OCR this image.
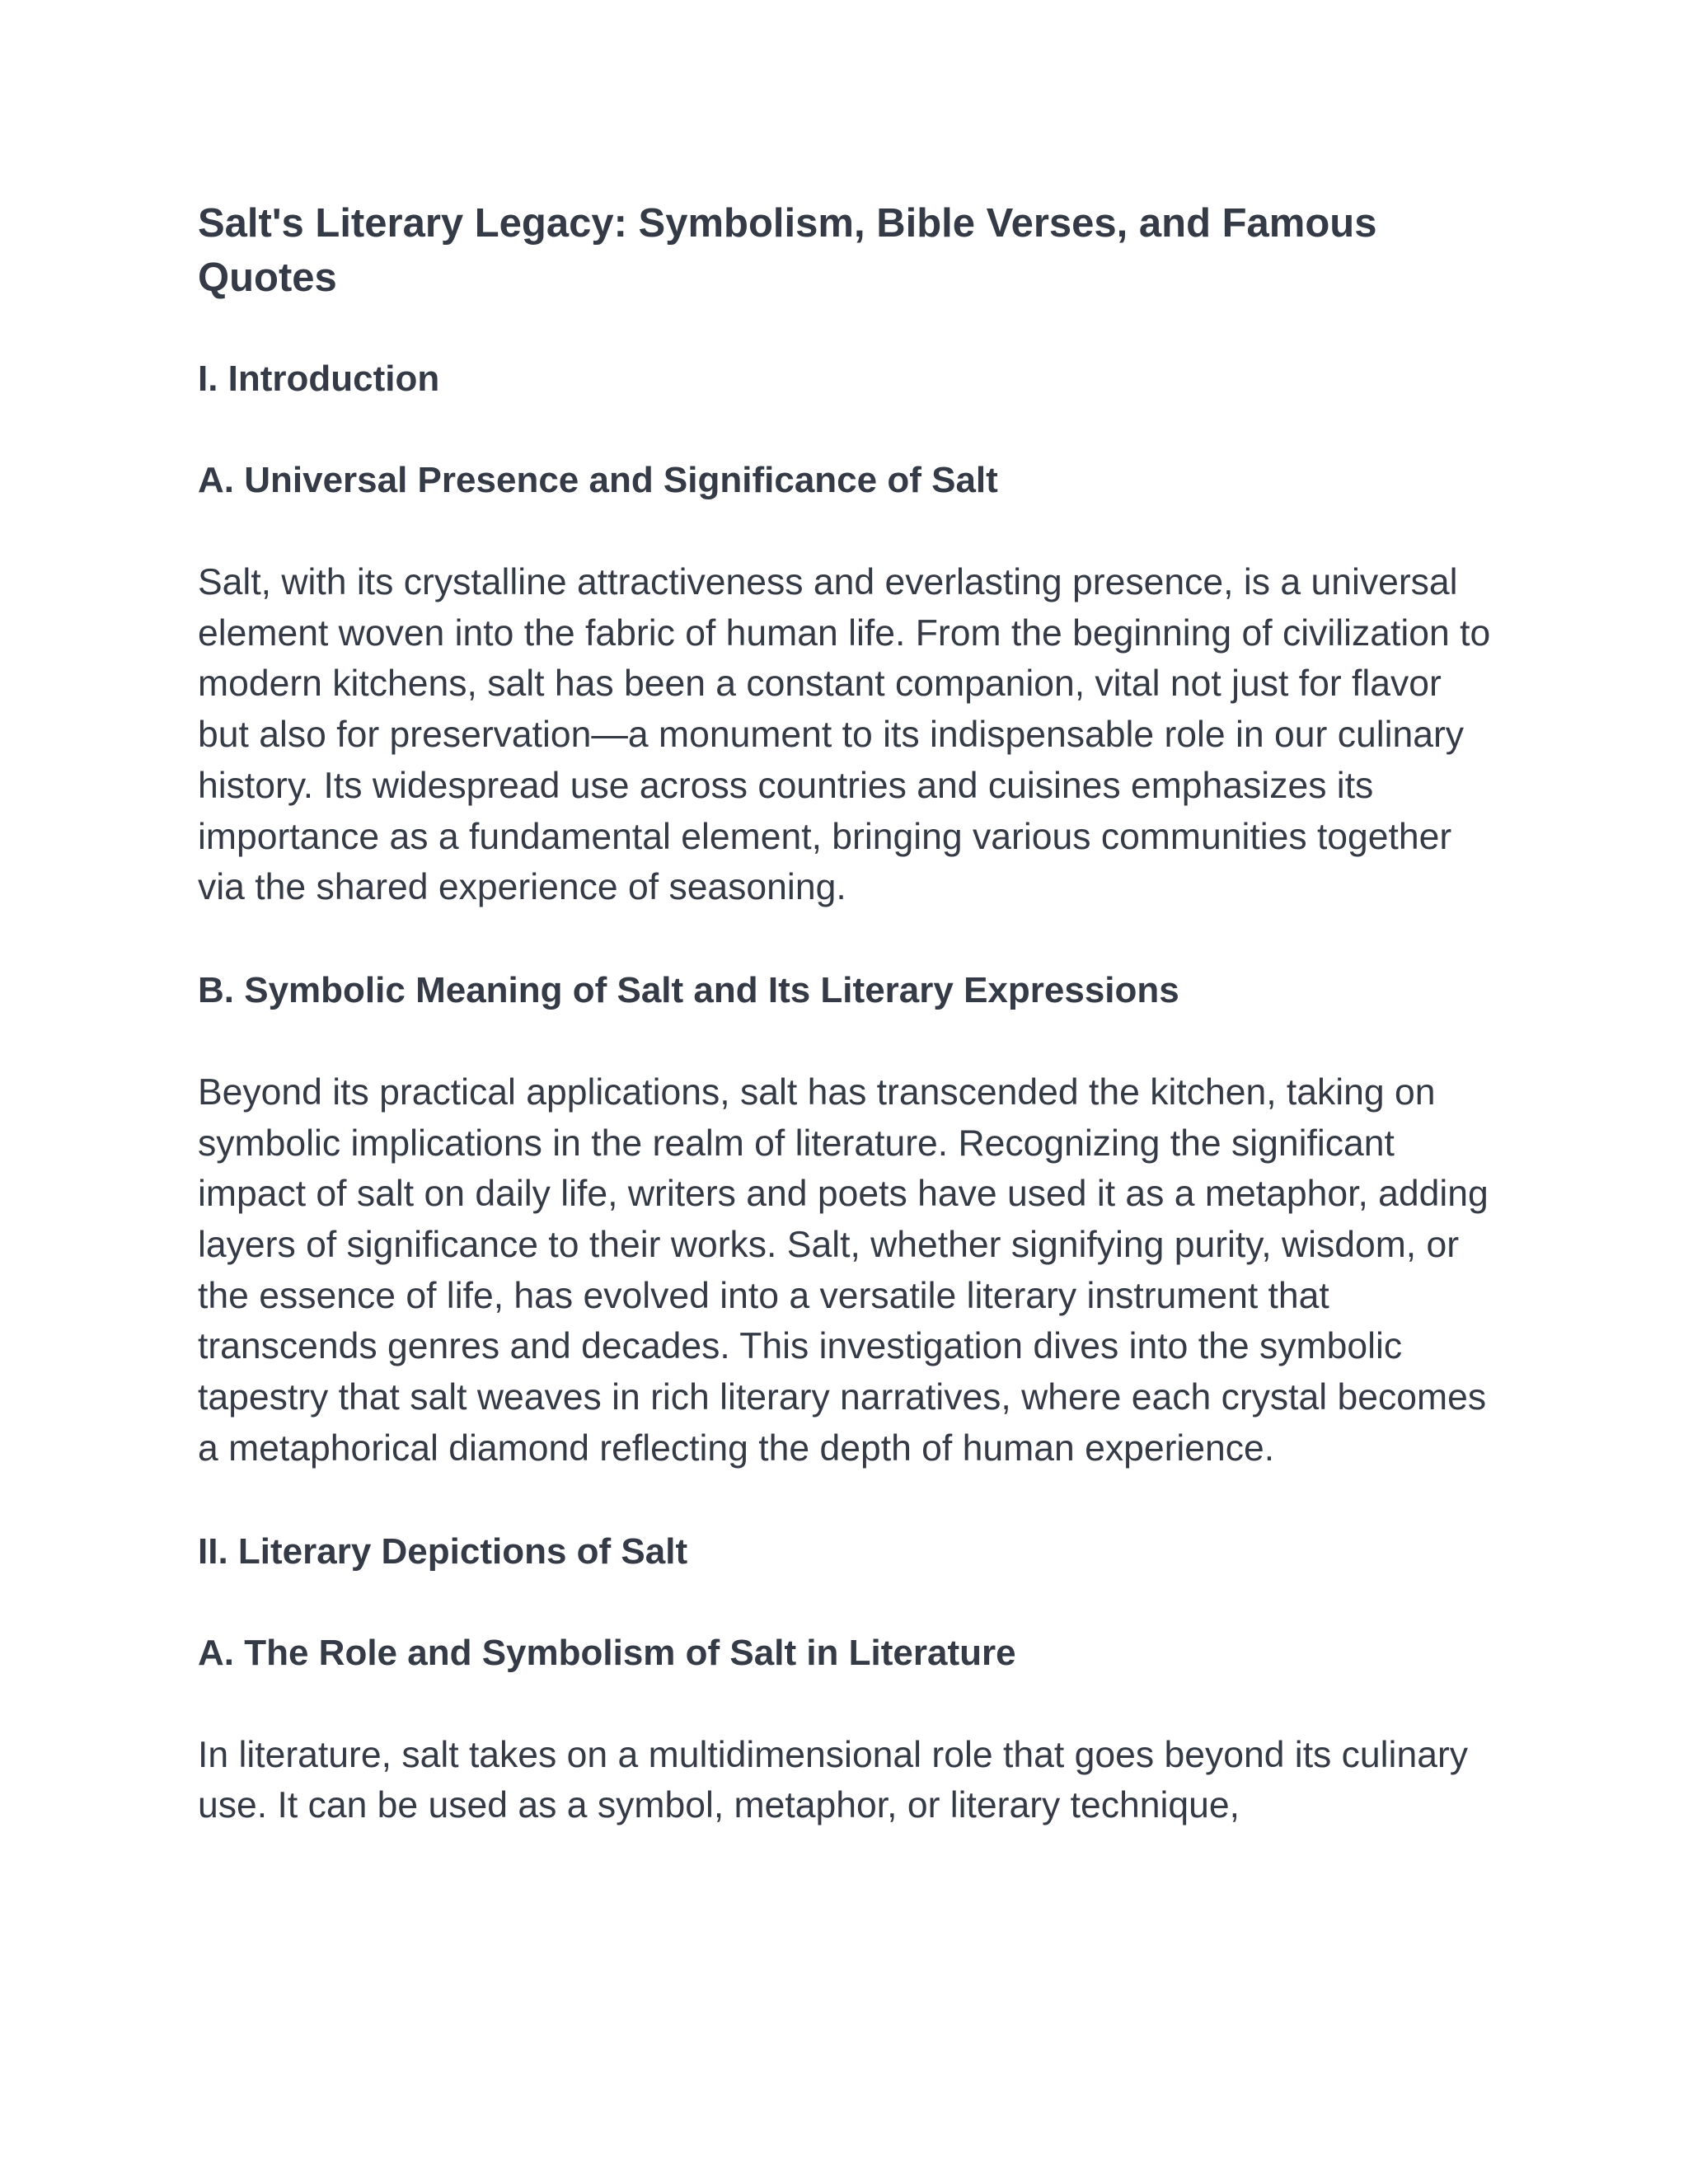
Salt's Literary Legacy: Symbolism, Bible Verses, and Famous Quotes
I. Introduction
A. Universal Presence and Significance of Salt

Salt, with its crystalline attractiveness and everlasting presence, is a universal element woven into the fabric of human life. From the beginning of civilization to modern kitchens, salt has been a constant companion, vital not just for flavor but also for preservation—a monument to its indispensable role in our culinary history. Its widespread use across countries and cuisines emphasizes its importance as a fundamental element, bringing various communities together via the shared experience of seasoning.

B. Symbolic Meaning of Salt and Its Literary Expressions

Beyond its practical applications, salt has transcended the kitchen, taking on symbolic implications in the realm of literature. Recognizing the significant impact of salt on daily life, writers and poets have used it as a metaphor, adding layers of significance to their works. Salt, whether signifying purity, wisdom, or the essence of life, has evolved into a versatile literary instrument that transcends genres and decades. This investigation dives into the symbolic tapestry that salt weaves in rich literary narratives, where each crystal becomes a metaphorical diamond reflecting the depth of human experience.

II. Literary Depictions of Salt
A. The Role and Symbolism of Salt in Literature

In literature, salt takes on a multidimensional role that goes beyond its culinary use. It can be used as a symbol, metaphor, or literary technique,
